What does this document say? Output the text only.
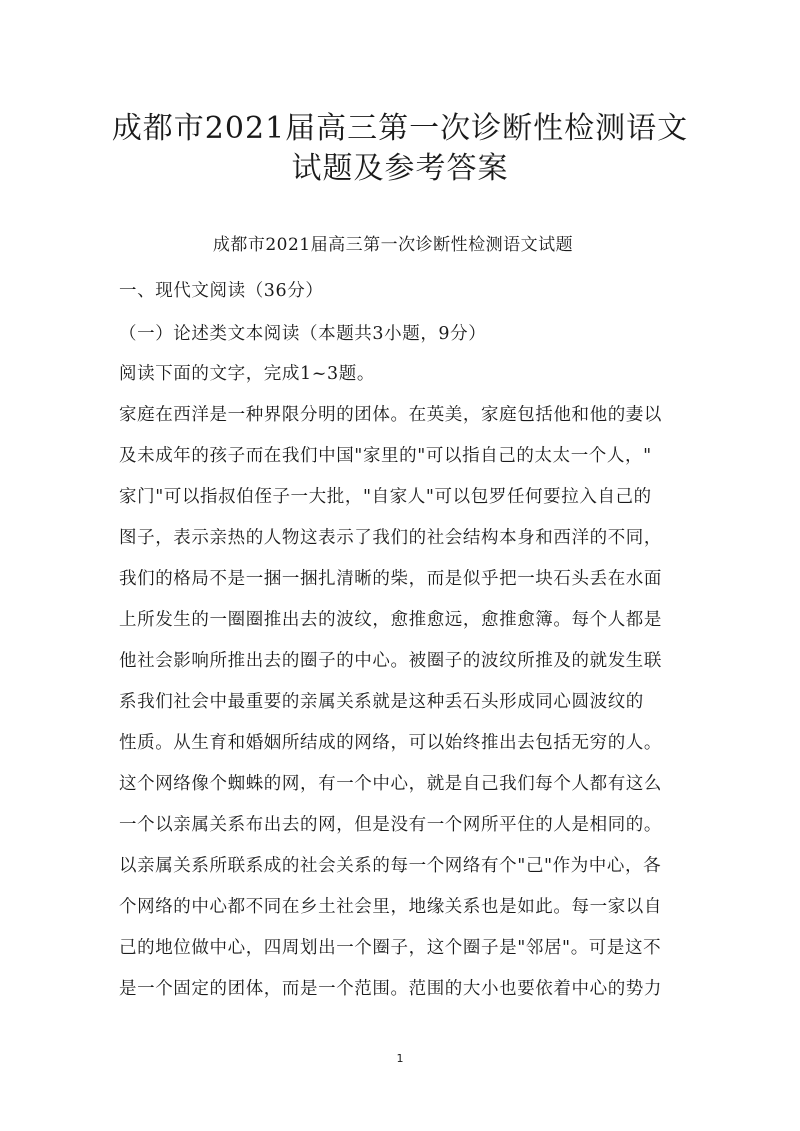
成都市2021届高三第一次诊断性检测语文
试题及参考答案
成都市2021届高三第一次诊断性检测语文试题
一、现代文阅读（36分）
（一）论述类文本阅读（本题共3小题，9分）
阅读下面的文字，完成1~3题。
家庭在西洋是一种界限分明的团体。在英美，家庭包括他和他的妻以
及未成年的孩子而在我们中国"家里的"可以指自己的太太一个人，"
家门"可以指叔伯侄子一大批，"自家人"可以包罗任何要拉入自己的
图子，表示亲热的人物这表示了我们的社会结构本身和西洋的不同，
我们的格局不是一捆一捆扎清晰的柴，而是似乎把一块石头丢在水面
上所发生的一圈圈推出去的波纹，愈推愈远，愈推愈簿。每个人都是
他社会影响所推出去的圈子的中心。被圈子的波纹所推及的就发生联
系我们社会中最重要的亲属关系就是这种丢石头形成同心圆波纹的
性质。从生育和婚姻所结成的网络，可以始终推出去包括无穷的人。
这个网络像个蜘蛛的网，有一个中心，就是自己我们每个人都有这么
一个以亲属关系布出去的网，但是没有一个网所平住的人是相同的。
以亲属关系所联系成的社会关系的每一个网络有个"己"作为中心，各
个网络的中心都不同在乡土社会里，地缘关系也是如此。每一家以自
己的地位做中心，四周划出一个圈子，这个圈子是"邻居"。可是这不
是一个固定的团体，而是一个范围。范围的大小也要依着中心的势力
1
